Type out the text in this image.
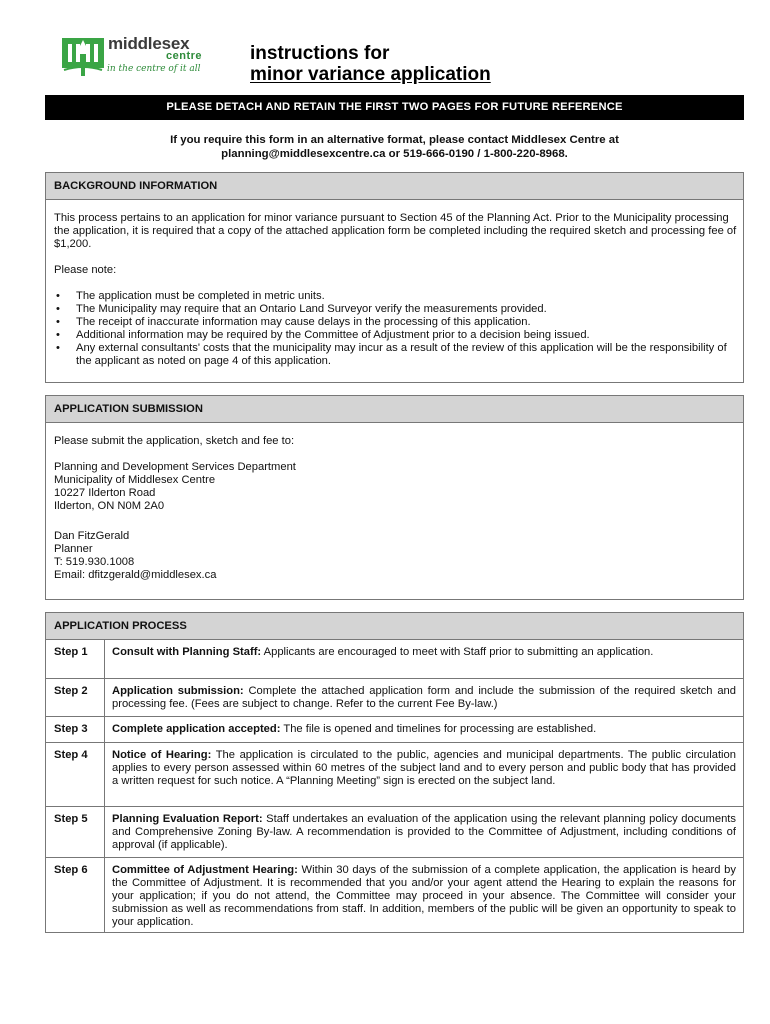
middlesex
centre
in the centre of it all
instructions for
minor variance application
PLEASE DETACH AND RETAIN THE FIRST TWO PAGES FOR FUTURE REFERENCE
If you require this form in an alternative format, please contact Middlesex Centre at
planning@middlesexcentre.ca or 519-666-0190 / 1-800-220-8968.
BACKGROUND INFORMATION
This process pertains to an application for minor variance pursuant to Section 45 of the Planning Act. Prior to the Municipality processing the application, it is required that a copy of the attached application form be completed including the required sketch and processing fee of $1,200.
Please note:
• The application must be completed in metric units.
• The Municipality may require that an Ontario Land Surveyor verify the measurements provided.
• The receipt of inaccurate information may cause delays in the processing of this application.
• Additional information may be required by the Committee of Adjustment prior to a decision being issued.
• Any external consultants' costs that the municipality may incur as a result of the review of this application will be the responsibility of the applicant as noted on page 4 of this application.
APPLICATION SUBMISSION
Please submit the application, sketch and fee to:
Planning and Development Services Department
Municipality of Middlesex Centre
10227 Ilderton Road
Ilderton, ON N0M 2A0
Dan FitzGerald
Planner
T: 519.930.1008
Email: dfitzgerald@middlesex.ca
APPLICATION PROCESS
Step 1	Consult with Planning Staff: Applicants are encouraged to meet with Staff prior to submitting an application.
Step 2	Application submission: Complete the attached application form and include the submission of the required sketch and processing fee. (Fees are subject to change. Refer to the current Fee By-law.)
Step 3	Complete application accepted: The file is opened and timelines for processing are established.
Step 4	Notice of Hearing: The application is circulated to the public, agencies and municipal departments. The public circulation applies to every person assessed within 60 metres of the subject land and to every person and public body that has provided a written request for such notice. A “Planning Meeting” sign is erected on the subject land.
Step 5	Planning Evaluation Report: Staff undertakes an evaluation of the application using the relevant planning policy documents and Comprehensive Zoning By-law. A recommendation is provided to the Committee of Adjustment, including conditions of approval (if applicable).
Step 6	Committee of Adjustment Hearing: Within 30 days of the submission of a complete application, the application is heard by the Committee of Adjustment. It is recommended that you and/or your agent attend the Hearing to explain the reasons for your application; if you do not attend, the Committee may proceed in your absence. The Committee will consider your submission as well as recommendations from staff. In addition, members of the public will be given an opportunity to speak to your application.
